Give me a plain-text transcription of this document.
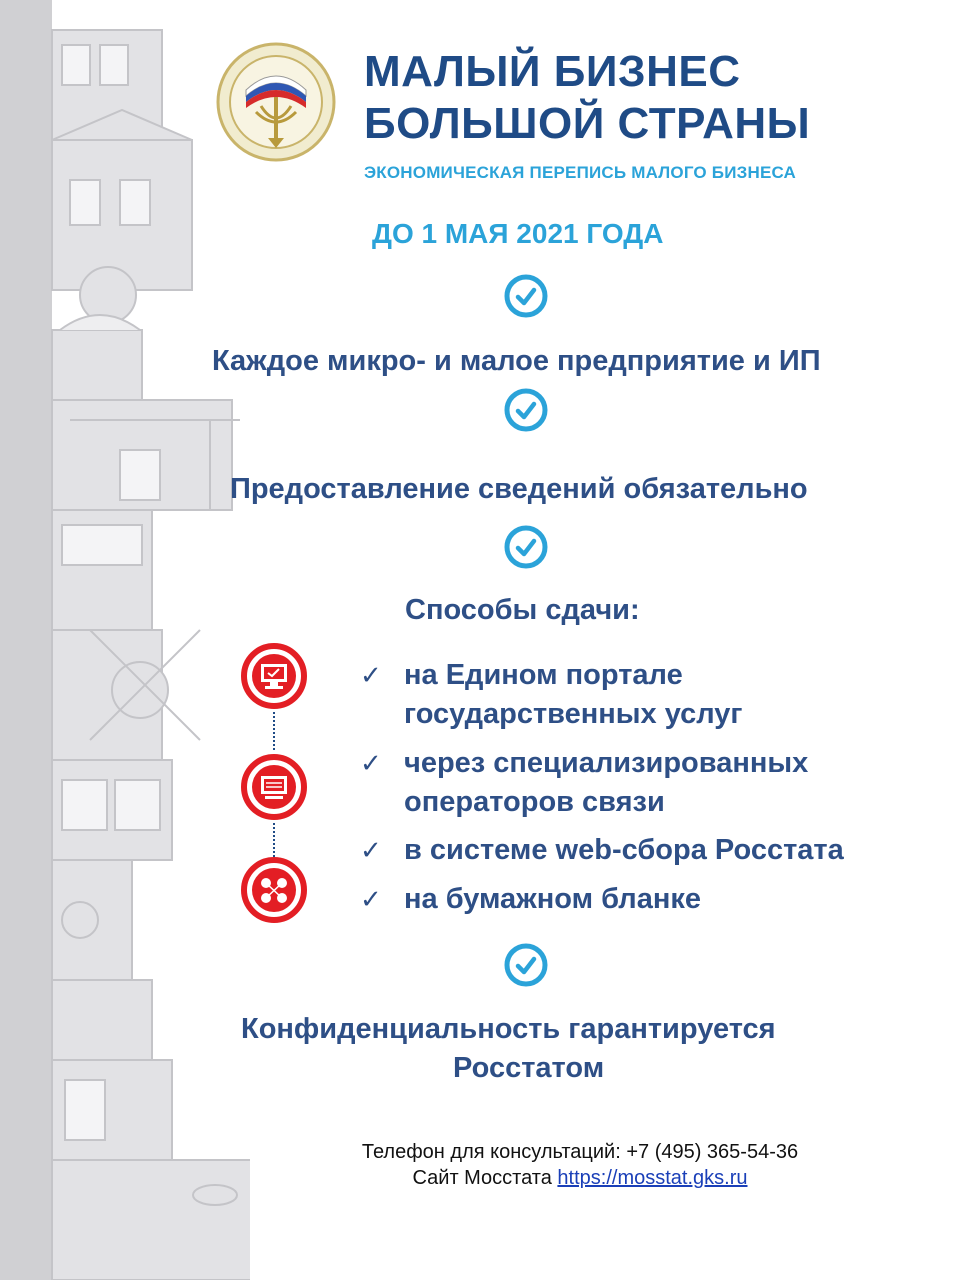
МАЛЫЙ БИЗНЕС
БОЛЬШОЙ СТРАНЫ
ЭКОНОМИЧЕСКАЯ ПЕРЕПИСЬ МАЛОГО БИЗНЕСА
ДО 1 МАЯ 2021 ГОДА
Каждое микро- и малое предприятие и ИП
Предоставление сведений обязательно
Способы сдачи:
✓ на Едином портале
государственных услуг
✓ через специализированных
операторов связи
✓ в системе web-сбора Росстата
✓ на бумажном бланке
Конфиденциальность гарантируется
Росстатом
Телефон для консультаций: +7 (495) 365-54-36
Сайт Мосстата https://mosstat.gks.ru
